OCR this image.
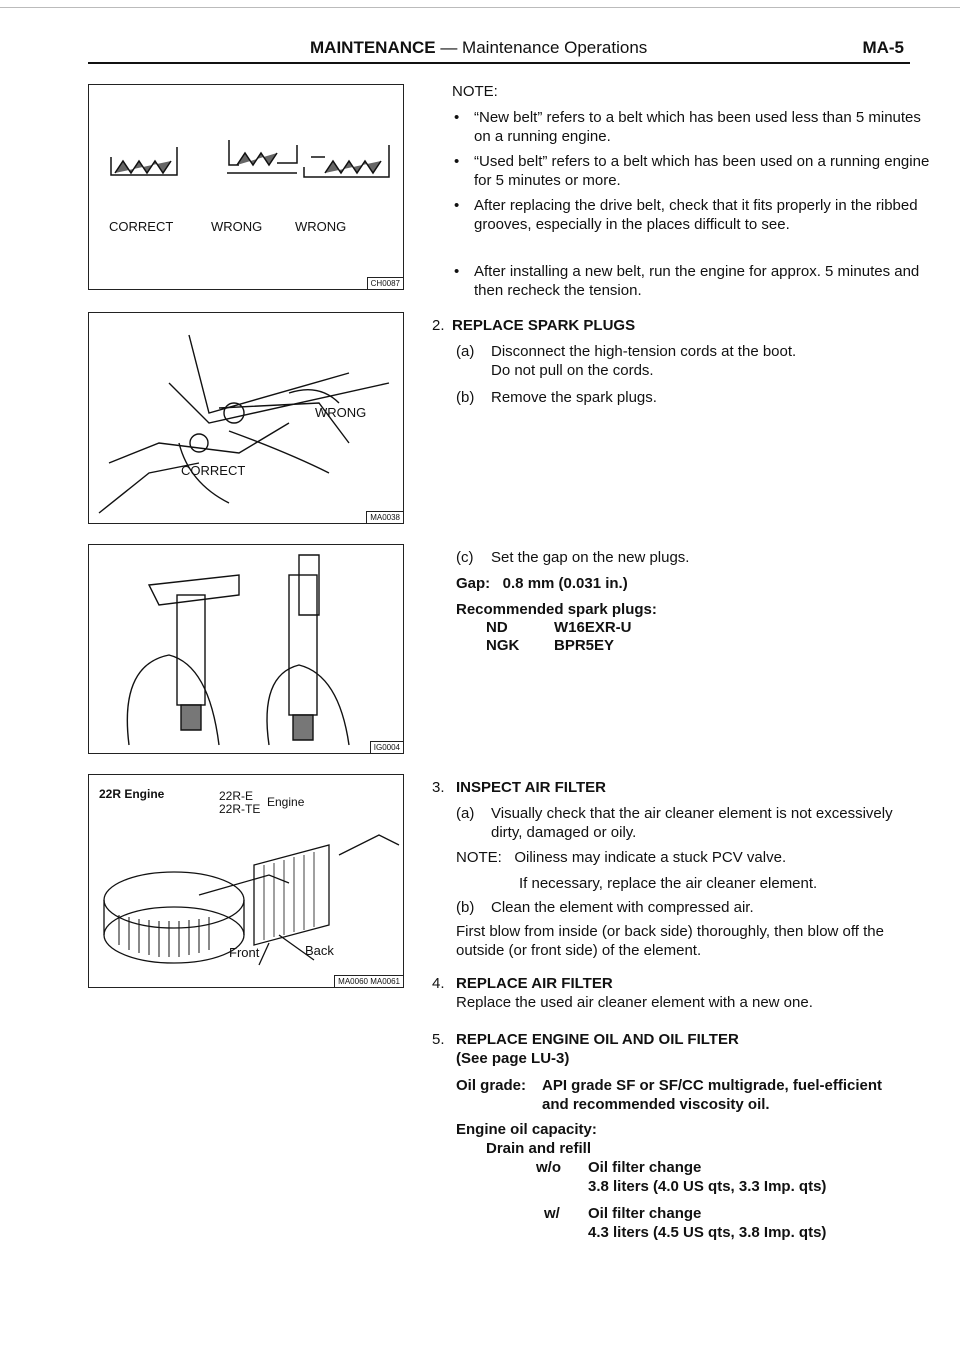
MAINTENANCE — Maintenance Operations	MA-5
CORRECT	WRONG	WRONG
CH0087
WRONG
CORRECT
MA0038
IG0004
22R Engine	22R-E
22R-TE Engine
Front	Back
MA0060 MA0061
NOTE:
• “New belt” refers to a belt which has been used less than 5 minutes on a running engine.
• “Used belt” refers to a belt which has been used on a running engine for 5 minutes or more.
• After replacing the drive belt, check that it fits properly in the ribbed grooves, especially in the places difficult to see.
• After installing a new belt, run the engine for approx. 5 minutes and then recheck the tension.
2. REPLACE SPARK PLUGS
(a)	Disconnect the high-tension cords at the boot.
Do not pull on the cords.
(b)	Remove the spark plugs.
(c)	Set the gap on the new plugs.
Gap:   0.8 mm (0.031 in.)
Recommended spark plugs:
ND	W16EXR-U
NGK	BPR5EY
3. INSPECT AIR FILTER
(a)	Visually check that the air cleaner element is not excessively dirty, damaged or oily.
NOTE:   Oiliness may indicate a stuck PCV valve.
If necessary, replace the air cleaner element.
(b)	Clean the element with compressed air.
First blow from inside (or back side) thoroughly, then blow off the outside (or front side) of the element.
4. REPLACE AIR FILTER
Replace the used air cleaner element with a new one.
5. REPLACE ENGINE OIL AND OIL FILTER
(See page LU-3)
Oil grade:	API grade SF or SF/CC multigrade, fuel-efficient
and recommended viscosity oil.
Engine oil capacity:
Drain and refill
w/o	Oil filter change
3.8 liters (4.0 US qts, 3.3 Imp. qts)
w/	Oil filter change
4.3 liters (4.5 US qts, 3.8 Imp. qts)
